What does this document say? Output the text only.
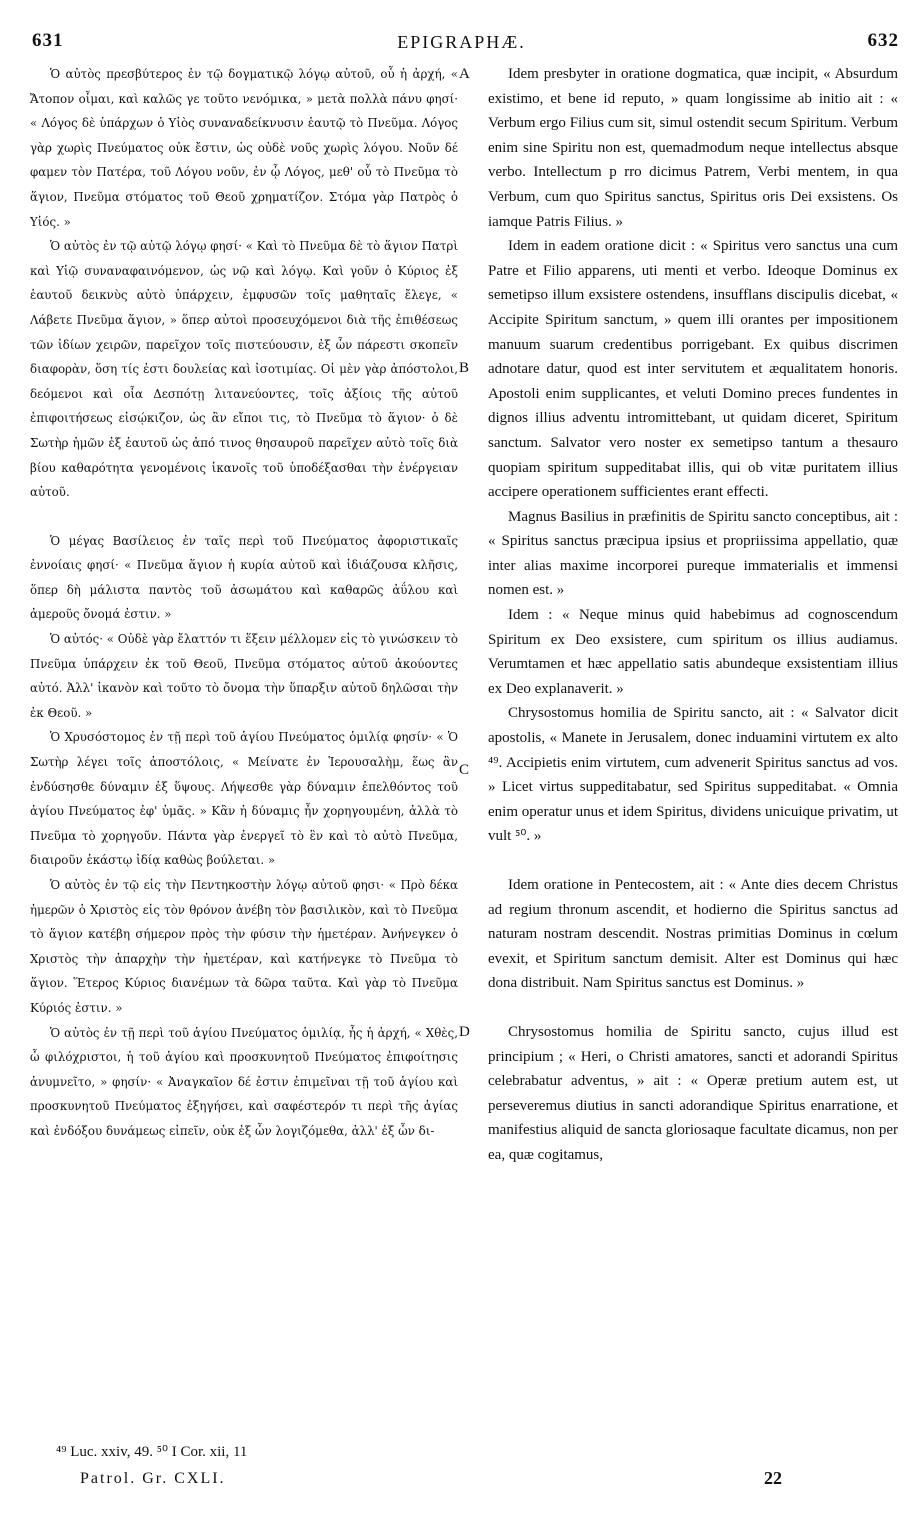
631	EPIGRAPHÆ.	632

Ὁ αὐτὸς πρεσβύτερος ἐν τῷ δογματικῷ λόγῳ αὐτοῦ, οὗ ἡ ἀρχή, « Ἄτοπον οἶμαι, καὶ καλῶς γε τοῦτο νενόμικα, » μετὰ πολλὰ πάνυ φησί· « Λόγος δὲ ὑπάρχων ὁ Υἱὸς συναναδείκνυσιν ἑαυτῷ τὸ Πνεῦμα. Λόγος γὰρ χωρὶς Πνεύματος οὐκ ἔστιν, ὡς οὐδὲ νοῦς χωρὶς λόγου. Νοῦν δέ φαμεν τὸν Πατέρα, τοῦ Λόγου νοῦν, ἐν ᾧ Λόγος, μεθ' οὗ τὸ Πνεῦμα τὸ ἅγιον, Πνεῦμα στόματος τοῦ Θεοῦ χρηματίζον. Στόμα γὰρ Πατρὸς ὁ Υἱός. »

Ὁ αὐτὸς ἐν τῷ αὐτῷ λόγῳ φησί· « Καὶ τὸ Πνεῦμα δὲ τὸ ἅγιον Πατρὶ καὶ Υἱῷ συναναφαινόμενον, ὡς νῷ καὶ λόγῳ. Καὶ γοῦν ὁ Κύριος ἐξ ἑαυτοῦ δεικνὺς αὐτὸ ὑπάρχειν, ἐμφυσῶν τοῖς μαθηταῖς ἔλεγε, « Λάβετε Πνεῦμα ἅγιον, » ὅπερ αὐτοὶ προσευχόμενοι διὰ τῆς ἐπιθέσεως τῶν ἰδίων χειρῶν, παρεῖχον τοῖς πιστεύουσιν, ἐξ ὧν πάρεστι σκοπεῖν διαφορὰν, ὅση τίς ἐστι δουλείας καὶ ἰσοτιμίας. Οἱ μὲν γὰρ ἀπόστολοι, δεόμενοι καὶ οἷα Δεσπότῃ λιτανεύοντες, τοῖς ἀξίοις τῆς αὐτοῦ ἐπιφοιτήσεως εἰσῴκιζον, ὡς ἂν εἴποι τις, τὸ Πνεῦμα τὸ ἅγιον· ὁ δὲ Σωτὴρ ἡμῶν ἐξ ἑαυτοῦ ὡς ἀπό τινος θησαυροῦ παρεῖχεν αὐτὸ τοῖς διὰ βίου καθαρότητα γενομένοις ἱκανοῖς τοῦ ὑποδέξασθαι τὴν ἐνέργειαν αὐτοῦ.

Ὁ μέγας Βασίλειος ἐν ταῖς περὶ τοῦ Πνεύματος ἀφοριστικαῖς ἐννοίαις φησί· « Πνεῦμα ἅγιον ἡ κυρία αὐτοῦ καὶ ἰδιάζουσα κλῆσις, ὅπερ δὴ μάλιστα παντὸς τοῦ ἀσωμάτου καὶ καθαρῶς ἀΰλου καὶ ἀμεροῦς ὄνομά ἐστιν. »

Ὁ αὐτός· « Οὐδὲ γὰρ ἔλαττόν τι ἕξειν μέλλομεν εἰς τὸ γινώσκειν τὸ Πνεῦμα ὑπάρχειν ἐκ τοῦ Θεοῦ, Πνεῦμα στόματος αὐτοῦ ἀκούοντες αὐτό. Ἀλλ' ἱκανὸν καὶ τοῦτο τὸ ὄνομα τὴν ὕπαρξιν αὐτοῦ δηλῶσαι τὴν ἐκ Θεοῦ. »

Ὁ Χρυσόστομος ἐν τῇ περὶ τοῦ ἁγίου Πνεύματος ὁμιλίᾳ φησίν· « Ὁ Σωτὴρ λέγει τοῖς ἀποστόλοις, « Μείνατε ἐν Ἱερουσαλὴμ, ἕως ἂν ἐνδύσησθε δύναμιν ἐξ ὕψους. Λήψεσθε γὰρ δύναμιν ἐπελθόντος τοῦ ἁγίου Πνεύματος ἐφ' ὑμᾶς. » Κἂν ἡ δύναμις ἦν χορηγουμένη, ἀλλὰ τὸ Πνεῦμα τὸ χορηγοῦν. Πάντα γὰρ ἐνεργεῖ τὸ ἓν καὶ τὸ αὐτὸ Πνεῦμα, διαιροῦν ἑκάστῳ ἰδίᾳ καθὼς βούλεται. »

Ὁ αὐτὸς ἐν τῷ εἰς τὴν Πεντηκοστὴν λόγῳ αὐτοῦ φησι· « Πρὸ δέκα ἡμερῶν ὁ Χριστὸς εἰς τὸν θρόνον ἀνέβη τὸν βασιλικὸν, καὶ τὸ Πνεῦμα τὸ ἅγιον κατέβη σήμερον πρὸς τὴν φύσιν τὴν ἡμετέραν. Ἀνήνεγκεν ὁ Χριστὸς τὴν ἀπαρχὴν τὴν ἡμετέραν, καὶ κατήνεγκε τὸ Πνεῦμα τὸ ἅγιον. Ἕτερος Κύριος διανέμων τὰ δῶρα ταῦτα. Καὶ γὰρ τὸ Πνεῦμα Κύριός ἐστιν. »

Ὁ αὐτὸς ἐν τῇ περὶ τοῦ ἁγίου Πνεύματος ὁμιλίᾳ, ἧς ἡ ἀρχή, « Χθὲς, ὦ φιλόχριστοι, ἡ τοῦ ἁγίου καὶ προσκυνητοῦ Πνεύματος ἐπιφοίτησις ἀνυμνεῖτο, » φησίν· « Ἀναγκαῖον δέ ἐστιν ἐπιμεῖναι τῇ τοῦ ἁγίου καὶ προσκυνητοῦ Πνεύματος ἐξηγήσει, καὶ σαφέστερόν τι περὶ τῆς ἁγίας καὶ ἐνδόξου δυνάμεως εἰπεῖν, οὐκ ἐξ ὧν λογιζόμεθα, ἀλλ' ἐξ ὧν δι-

A
B
C
D

Idem presbyter in oratione dogmatica, quæ incipit, « Absurdum existimo, et bene id reputo, » quam longissime ab initio ait : « Verbum ergo Filius cum sit, simul ostendit secum Spiritum. Verbum enim sine Spiritu non est, quemadmodum neque intellectus absque verbo. Intellectum p rro dicimus Patrem, Verbi mentem, in qua Verbum, cum quo Spiritus sanctus, Spiritus oris Dei exsistens. Os iamque Patris Filius. »

Idem in eadem oratione dicit : « Spiritus vero sanctus una cum Patre et Filio apparens, uti menti et verbo. Ideoque Dominus ex semetipso illum exsistere ostendens, insufflans discipulis dicebat, « Accipite Spiritum sanctum, » quem illi orantes per impositionem manuum suarum credentibus porrigebant. Ex quibus discrimen adnotare datur, quod est inter servitutem et æqualitatem honoris. Apostoli enim supplicantes, et veluti Domino preces fundentes in dignos illius adventu intromittebant, ut quidam diceret, Spiritum sanctum. Salvator vero noster ex semetipso tantum a thesauro quopiam spiritum suppeditabat illis, qui ob vitæ puritatem illius accipere operationem sufficientes erant effecti.

Magnus Basilius in præfinitis de Spiritu sancto conceptibus, ait : « Spiritus sanctus præcipua ipsius et propriissima appellatio, quæ inter alias maxime incorporei pureque immaterialis et immensi nomen est. »

Idem : « Neque minus quid habebimus ad cognoscendum Spiritum ex Deo exsistere, cum spiritum os illius audiamus. Verumtamen et hæc appellatio satis abundeque exsistentiam illius ex Deo explanaverit. »

Chrysostomus homilia de Spiritu sancto, ait : « Salvator dicit apostolis, « Manete in Jerusalem, donec induamini virtutem ex alto ⁴⁹. Accipietis enim virtutem, cum advenerit Spiritus sanctus ad vos. » Licet virtus suppeditabatur, sed Spiritus suppeditabat. « Omnia enim operatur unus et idem Spiritus, dividens unicuique privatim, ut vult ⁵⁰. »

Idem oratione in Pentecostem, ait : « Ante dies decem Christus ad regium thronum ascendit, et hodierno die Spiritus sanctus ad naturam nostram descendit. Nostras primitias Dominus in cœlum evexit, et Spiritum sanctum demisit. Alter est Dominus qui hæc dona distribuit. Nam Spiritus sanctus est Dominus. »

Chrysostomus homilia de Spiritu sancto, cujus illud est principium ; « Heri, o Christi amatores, sancti et adorandi Spiritus celebrabatur adventus, » ait : « Operæ pretium autem est, ut perseveremus diutius in sancti adorandique Spiritus enarratione, et manifestius aliquid de sancta gloriosaque facultate dicamus, non per ea, quæ cogitamus,

⁴⁹ Luc. xxiv, 49. ⁵⁰ I Cor. xii, 11
Patrol. Gr. CXLI.	22
